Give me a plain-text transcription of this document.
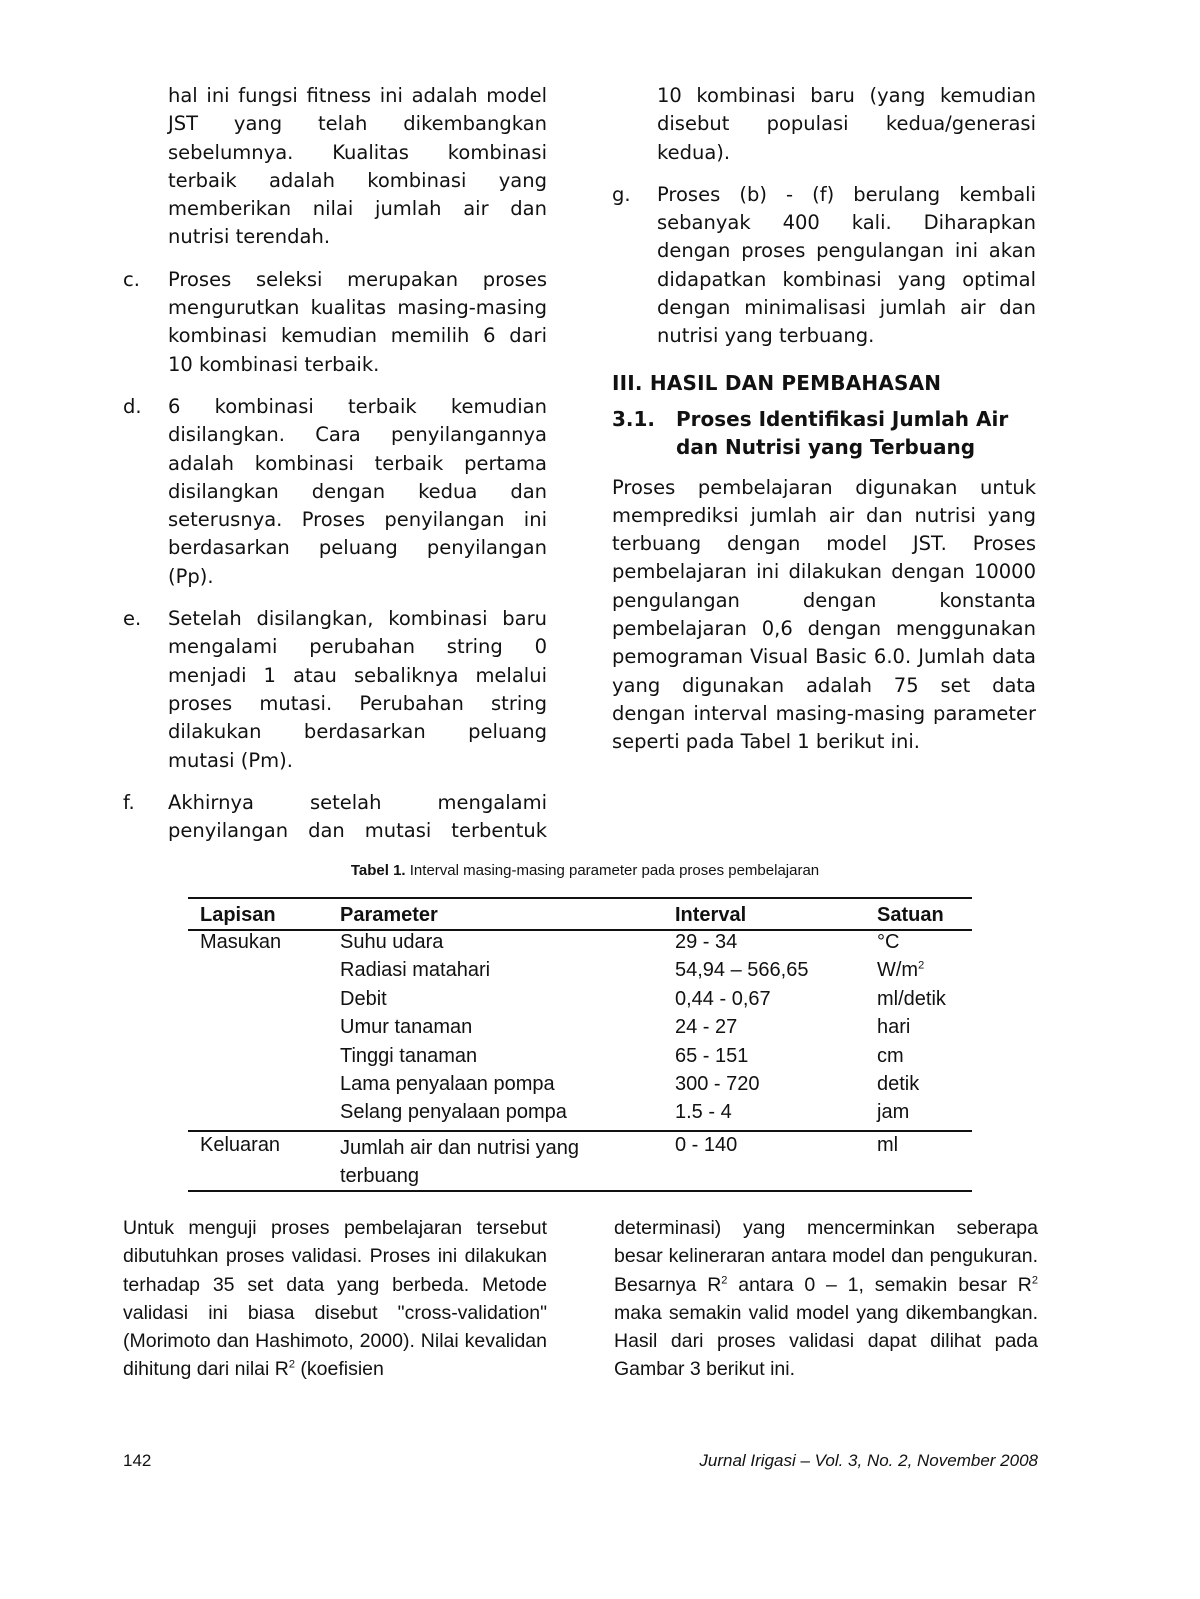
hal ini fungsi fitness ini adalah model JST yang telah dikembangkan sebelumnya. Kualitas kombinasi terbaik adalah kombinasi yang memberikan nilai jumlah air dan nutrisi terendah.
c. Proses seleksi merupakan proses mengurutkan kualitas masing-masing kombinasi kemudian memilih 6 dari 10 kombinasi terbaik.
d. 6 kombinasi terbaik kemudian disilangkan. Cara penyilangannya adalah kombinasi terbaik pertama disilangkan dengan kedua dan seterusnya. Proses penyilangan ini berdasarkan peluang penyilangan (Pp).
e. Setelah disilangkan, kombinasi baru mengalami perubahan string 0 menjadi 1 atau sebaliknya melalui proses mutasi. Perubahan string dilakukan berdasarkan peluang mutasi (Pm).
f. Akhirnya setelah mengalami penyilangan dan mutasi terbentuk
10 kombinasi baru (yang kemudian disebut populasi kedua/generasi kedua).
g. Proses (b) - (f) berulang kembali sebanyak 400 kali. Diharapkan dengan proses pengulangan ini akan didapatkan kombinasi yang optimal dengan minimalisasi jumlah air dan nutrisi yang terbuang.
III. HASIL DAN PEMBAHASAN
3.1. Proses Identifikasi Jumlah Air dan Nutrisi yang Terbuang
Proses pembelajaran digunakan untuk memprediksi jumlah air dan nutrisi yang terbuang dengan model JST. Proses pembelajaran ini dilakukan dengan 10000 pengulangan dengan konstanta pembelajaran 0,6 dengan menggunakan pemograman Visual Basic 6.0. Jumlah data yang digunakan adalah 75 set data dengan interval masing-masing parameter seperti pada Tabel 1 berikut ini.
Tabel 1. Interval masing-masing parameter pada proses pembelajaran
Lapisan	Parameter	Interval	Satuan
Masukan	Suhu udara	29 - 34	°C
	Radiasi matahari	54,94 – 566,65	$W/m^2$
	Debit	0,44 - 0,67	ml/detik
	Umur tanaman	24 - 27	hari
	Tinggi tanaman	65 - 151	cm
	Lama penyalaan pompa	300 - 720	detik
	Selang penyalaan pompa	1.5 - 4	jam
Keluaran	Jumlah air dan nutrisi yang terbuang	0 - 140	ml
Untuk menguji proses pembelajaran tersebut dibutuhkan proses validasi. Proses ini dilakukan terhadap 35 set data yang berbeda. Metode validasi ini biasa disebut "cross-validation" (Morimoto dan Hashimoto, 2000). Nilai kevalidan dihitung dari nilai $R^2$ (koefisien
determinasi) yang mencerminkan seberapa besar kelineraran antara model dan pengukuran. Besarnya $R^2$ antara 0 – 1, semakin besar $R^2$ maka semakin valid model yang dikembangkan. Hasil dari proses validasi dapat dilihat pada Gambar 3 berikut ini.
142	Jurnal Irigasi – Vol. 3, No. 2, November 2008
